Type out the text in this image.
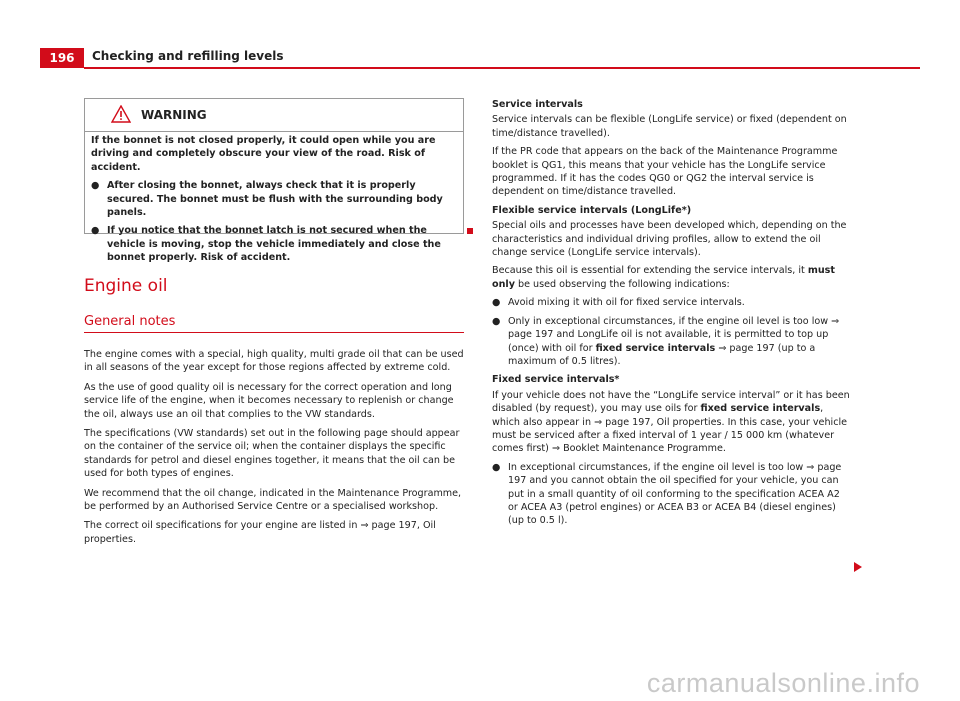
196	Checking and refilling levels
WARNING

If the bonnet is not closed properly, it could open while you are driving and completely obscure your view of the road. Risk of accident.

● After closing the bonnet, always check that it is properly secured. The bonnet must be flush with the surrounding body panels.

● If you notice that the bonnet latch is not secured when the vehicle is moving, stop the vehicle immediately and close the bonnet properly. Risk of accident.

Engine oil
General notes

The engine comes with a special, high quality, multi grade oil that can be used in all seasons of the year except for those regions affected by extreme cold.

As the use of good quality oil is necessary for the correct operation and long service life of the engine, when it becomes necessary to replenish or change the oil, always use an oil that complies to the VW standards.

The specifications (VW standards) set out in the following page should appear on the container of the service oil; when the container displays the specific standards for petrol and diesel engines together, it means that the oil can be used for both types of engines.

We recommend that the oil change, indicated in the Maintenance Programme, be performed by an Authorised Service Centre or a specialised workshop.

The correct oil specifications for your engine are listed in ⇒ page 197, Oil properties.

Service intervals

Service intervals can be flexible (LongLife service) or fixed (dependent on time/distance travelled).

If the PR code that appears on the back of the Maintenance Programme booklet is QG1, this means that your vehicle has the LongLife service programmed. If it has the codes QG0 or QG2 the interval service is dependent on time/distance travelled.

Flexible service intervals (LongLife*)

Special oils and processes have been developed which, depending on the characteristics and individual driving profiles, allow to extend the oil change service (LongLife service intervals).

Because this oil is essential for extending the service intervals, it must only be used observing the following indications:

● Avoid mixing it with oil for fixed service intervals.
● Only in exceptional circumstances, if the engine oil level is too low ⇒ page 197 and LongLife oil is not available, it is permitted to top up (once) with oil for fixed service intervals ⇒ page 197 (up to a maximum of 0.5 litres).

Fixed service intervals*

If your vehicle does not have the “LongLife service interval” or it has been disabled (by request), you may use oils for fixed service intervals, which also appear in ⇒ page 197, Oil properties. In this case, your vehicle must be serviced after a fixed interval of 1 year / 15 000 km (whatever comes first) ⇒ Booklet Maintenance Programme.

● In exceptional circumstances, if the engine oil level is too low ⇒ page 197 and you cannot obtain the oil specified for your vehicle, you can put in a small quantity of oil conforming to the specification ACEA A2 or ACEA A3 (petrol engines) or ACEA B3 or ACEA B4 (diesel engines) (up to 0.5 l).
carmanualsonline.info
